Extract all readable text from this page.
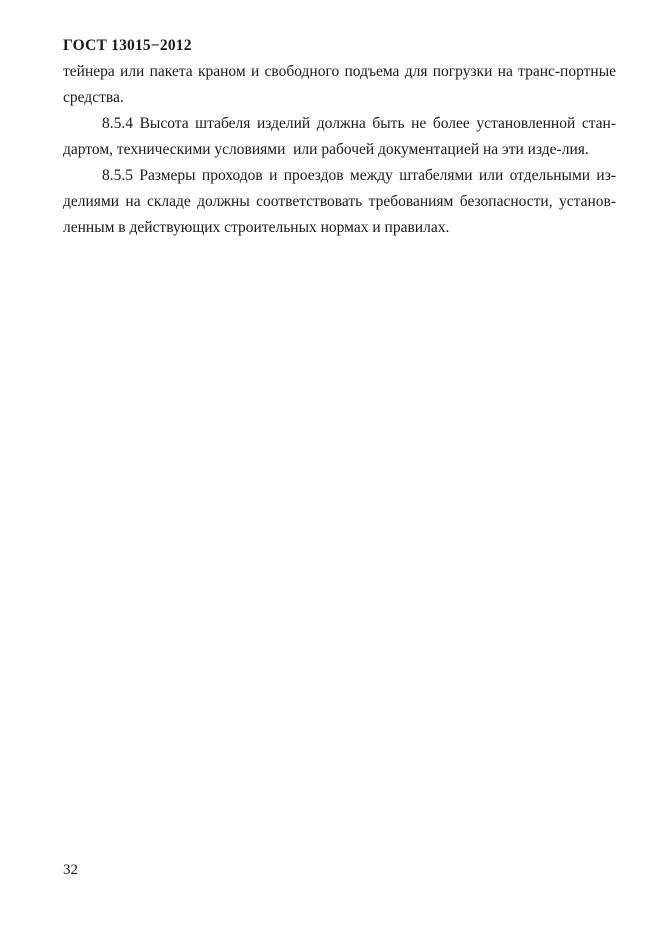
ГОСТ 13015−2012
тейнера или пакета краном и свободного подъема для погрузки на транс-портные
средства.
8.5.4 Высота штабеля изделий должна быть не более установленной стан-
дартом, техническими условиями  или рабочей документацией на эти изде-лия.
8.5.5 Размеры проходов и проездов между штабелями или отдельными из-
делиями на складе должны соответствовать требованиям безопасности, установ-
ленным в действующих строительных нормах и правилах.
32
